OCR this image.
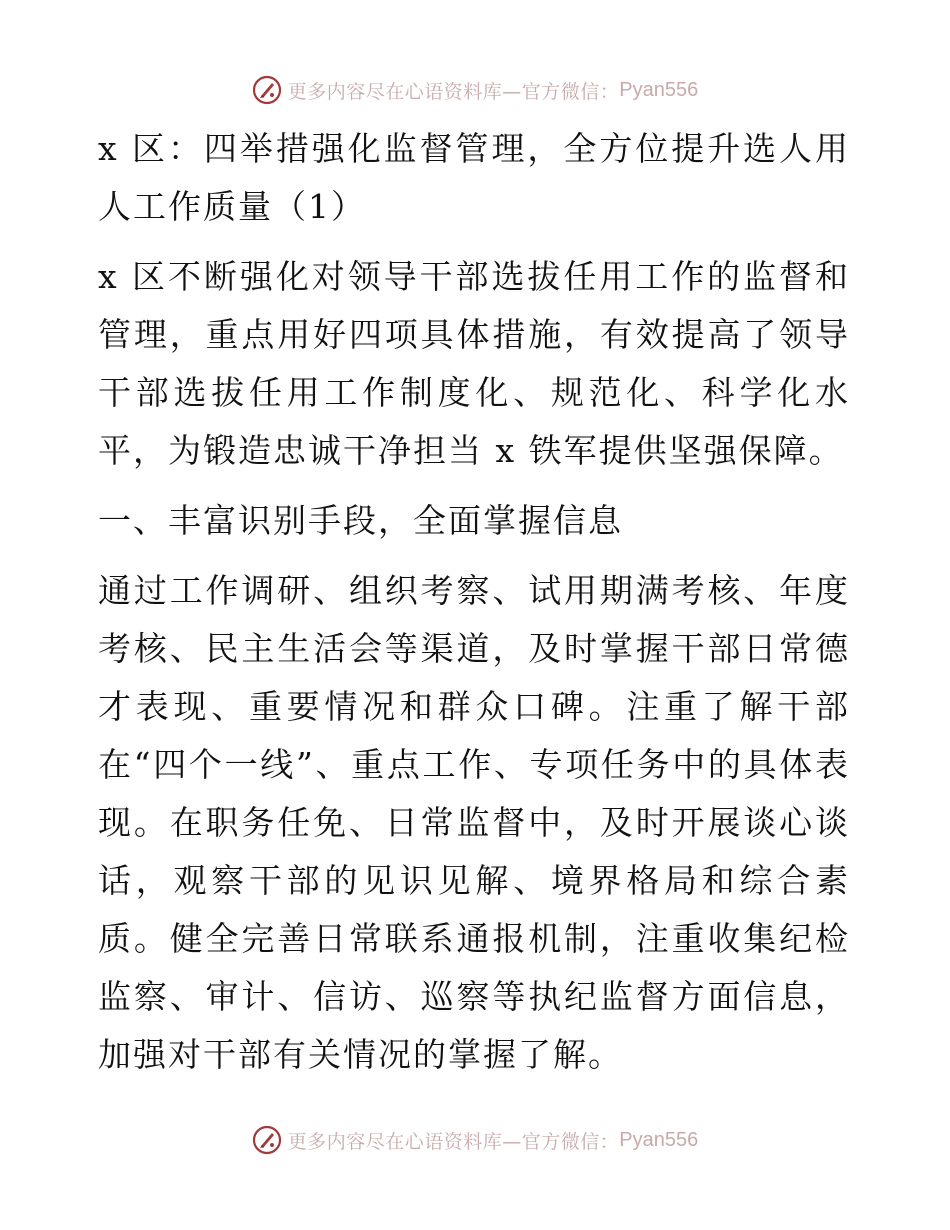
更多内容尽在心语资料库—官方微信： Pyan556

x 区：四举措强化监督管理，全方位提升选人用人工作质量（1）

x 区不断强化对领导干部选拔任用工作的监督和管理，重点用好四项具体措施，有效提高了领导干部选拔任用工作制度化、规范化、科学化水平，为锻造忠诚干净担当 x 铁军提供坚强保障。

一、丰富识别手段，全面掌握信息

通过工作调研、组织考察、试用期满考核、年度考核、民主生活会等渠道，及时掌握干部日常德才表现、重要情况和群众口碑。注重了解干部在“四个一线”、重点工作、专项任务中的具体表现。在职务任免、日常监督中，及时开展谈心谈话，观察干部的见识见解、境界格局和综合素质。健全完善日常联系通报机制，注重收集纪检监察、审计、信访、巡察等执纪监督方面信息，加强对干部有关情况的掌握了解。

更多内容尽在心语资料库—官方微信： Pyan556
